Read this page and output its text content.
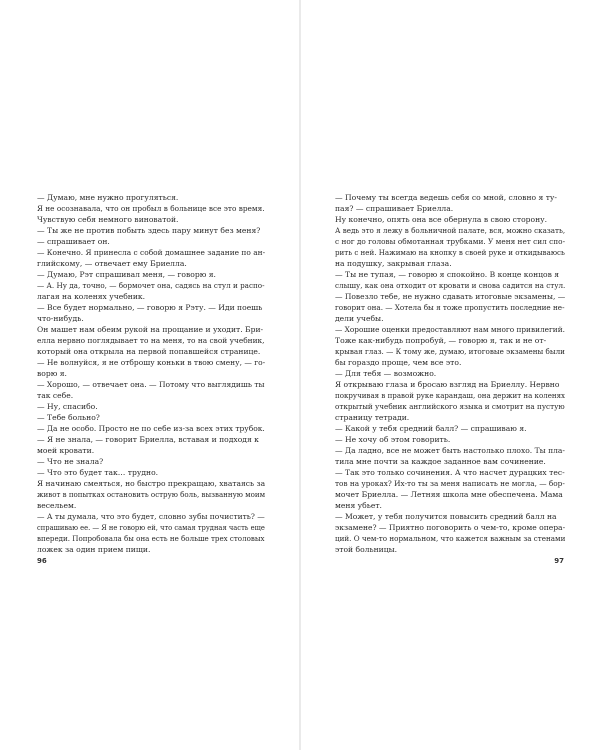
— Думаю, мне нужно прогуляться.
Я не осознавала, что он пробыл в больнице все это время.
Чувствую себя немного виноватой.
— Ты же не против побыть здесь пару минут без меня?
— спрашивает он.
— Конечно. Я принесла с собой домашнее задание по ан-
глийскому, — отвечает ему Бриелла.
— Думаю, Рэт спрашивал меня, — говорю я.
— А. Ну да, точно, — бормочет она, садясь на стул и распо-
лагая на коленях учебник.
— Все будет нормально, — говорю я Рэту. — Иди поешь
что-нибудь.
Он машет нам обеим рукой на прощание и уходит. Бри-
елла нервно поглядывает то на меня, то на свой учебник,
который она открыла на первой попавшейся странице.
— Не волнуйся, я не отброшу коньки в твою смену, — го-
ворю я.
— Хорошо, — отвечает она. — Потому что выглядишь ты
так себе.
— Ну, спасибо.
— Тебе больно?
— Да не особо. Просто не по себе из-за всех этих трубок.
— Я не знала, — говорит Бриелла, вставая и подходя к
моей кровати.
— Что не знала?
— Что это будет так… трудно.
Я начинаю смеяться, но быстро прекращаю, хватаясь за
живот в попытках остановить острую боль, вызванную моим
весельем.
— А ты думала, что это будет, словно зубы почистить? —
спрашиваю ее. — Я не говорю ей, что самая трудная часть еще
впереди. Попробовала бы она есть не больше трех столовых
ложек за один прием пищи.
96
— Почему ты всегда ведешь себя со мной, словно я ту-
пая? — спрашивает Бриелла.
Ну конечно, опять она все обернула в свою сторону.
А ведь это я лежу в больничной палате, вся, можно сказать,
с ног до головы обмотанная трубками. У меня нет сил спо-
рить с ней. Нажимаю на кнопку в своей руке и откидываюсь
на подушку, закрывая глаза.
— Ты не тупая, — говорю я спокойно. В конце концов я
слышу, как она отходит от кровати и снова садится на стул.
— Повезло тебе, не нужно сдавать итоговые экзамены, —
говорит она. — Хотела бы я тоже пропустить последние не-
дели учебы.
— Хорошие оценки предоставляют нам много привилегий.
Тоже как-нибудь попробуй, — говорю я, так и не от-
крывая глаз. — К тому же, думаю, итоговые экзамены были
бы гораздо проще, чем все это.
— Для тебя — возможно.
Я открываю глаза и бросаю взгляд на Бриеллу. Нервно
покручивая в правой руке карандаш, она держит на коленях
открытый учебник английского языка и смотрит на пустую
страницу тетради.
— Какой у тебя средний балл? — спрашиваю я.
— Не хочу об этом говорить.
— Да ладно, все не может быть настолько плохо. Ты пла-
тила мне почти за каждое заданное вам сочинение.
— Так это только сочинения. А что насчет дурацких тес-
тов на уроках? Их-то ты за меня написать не могла, — бор-
мочет Бриелла. — Летняя школа мне обеспечена. Мама
меня убьет.
— Может, у тебя получится повысить средний балл на
экзамене? — Приятно поговорить о чем-то, кроме опера-
ций. О чем-то нормальном, что кажется важным за стенами
этой больницы.
97
